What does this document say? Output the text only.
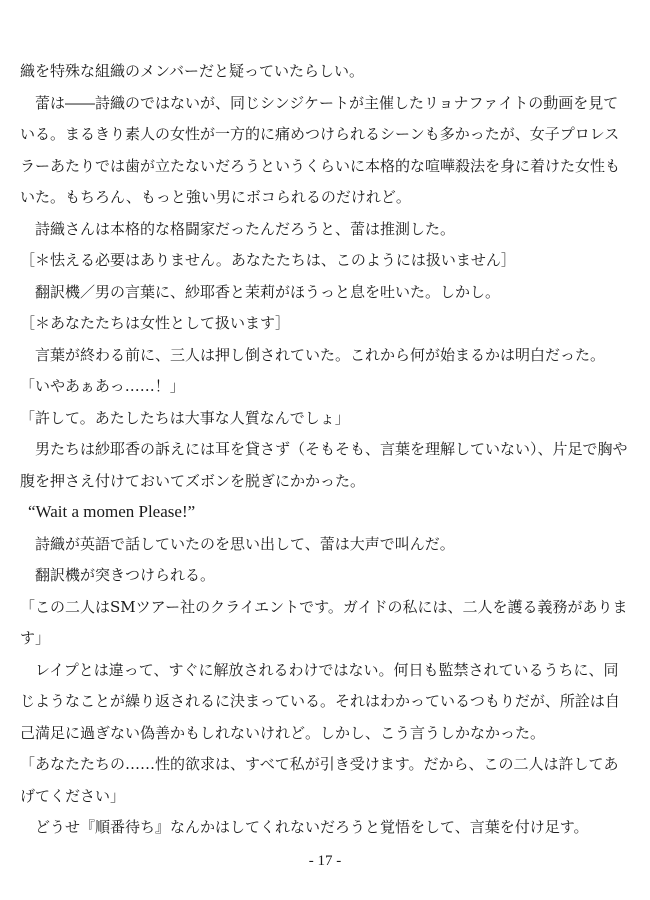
織を特殊な組織のメンバーだと疑っていたらしい。
　蕾は――詩織のではないが、同じシンジケートが主催したリョナファイトの動画を見て
いる。まるきり素人の女性が一方的に痛めつけられるシーンも多かったが、女子プロレス
ラーあたりでは歯が立たないだろうというくらいに本格的な喧嘩殺法を身に着けた女性も
いた。もちろん、もっと強い男にボコられるのだけれど。
　詩織さんは本格的な格闘家だったんだろうと、蕾は推測した。
［＊怯える必要はありません。あなたたちは、このようには扱いません］
　翻訳機／男の言葉に、紗耶香と茉莉がほうっと息を吐いた。しかし。
［＊あなたたちは女性として扱います］
　言葉が終わる前に、三人は押し倒されていた。これから何が始まるかは明白だった。
「いやあぁあっ……！」
「許して。あたしたちは大事な人質なんでしょ」
　男たちは紗耶香の訴えには耳を貸さず（そもそも、言葉を理解していない）、片足で胸や
腹を押さえ付けておいてズボンを脱ぎにかかった。
“Wait a momen Please!”
　詩織が英語で話していたのを思い出して、蕾は大声で叫んだ。
　翻訳機が突きつけられる。
「この二人はSMツアー社のクライエントです。ガイドの私には、二人を護る義務がありま
す」
　レイプとは違って、すぐに解放されるわけではない。何日も監禁されているうちに、同
じようなことが繰り返されるに決まっている。それはわかっているつもりだが、所詮は自
己満足に過ぎない偽善かもしれないけれど。しかし、こう言うしかなかった。
「あなたたちの……性的欲求は、すべて私が引き受けます。だから、この二人は許してあ
げてください」
　どうせ『順番待ち』なんかはしてくれないだろうと覚悟をして、言葉を付け足す。
- 17 -
